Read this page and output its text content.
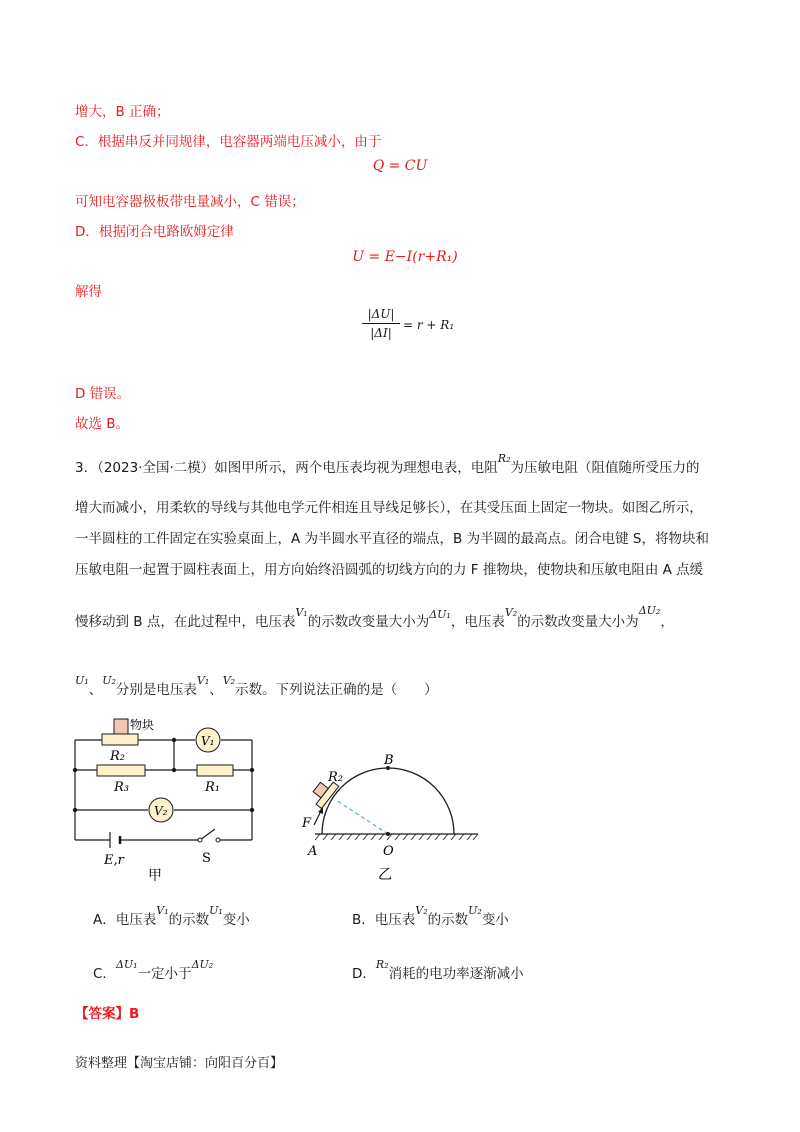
增大，B 正确；
C．根据串反并同规律，电容器两端电压减小，由于
Q = CU
可知电容器极板带电量减小，C 错误；
D．根据闭合电路欧姆定律
U = E−I(r+R₁)
解得
|ΔU|
|ΔI|
= r + R₁
D 错误。
故选 B。
3．（2023·全国·二模）如图甲所示，两个电压表均视为理想电表，电阻$^{R_2}$为压敏电阻（阻值随所受压力的
增大而减小，用柔软的导线与其他电学元件相连且导线足够长），在其受压面上固定一物块。如图乙所示，
一半圆柱的工件固定在实验桌面上，A 为半圆水平直径的端点，B 为半圆的最高点。闭合电键 S，将物块和
压敏电阻一起置于圆柱表面上，用方向始终沿圆弧的切线方向的力 F 推物块，使物块和压敏电阻由 A 点缓
慢移动到 B 点，在此过程中，电压表$^{V_1}$的示数改变量大小为$^{\Delta U_1}$，电压表$^{V_2}$的示数改变量大小为$^{\Delta U_2}$，
$^{U_1}$、$^{U_2}$分别是电压表$^{V_1}$、$^{V_2}$示数。下列说法正确的是（　　）
物块
R₂
R₃	R₁
V₁
V₂
E,r	S
甲
B
R₂
F
A	O
乙
A．电压表$^{V_1}$的示数$^{U_1}$变小	B．电压表$^{V_2}$的示数$^{U_2}$变小
C．$^{\Delta U_1}$一定小于$^{\Delta U_2}$
D．$^{R_2}$消耗的电功率逐渐减小
【答案】B
资料整理【淘宝店铺：向阳百分百】
